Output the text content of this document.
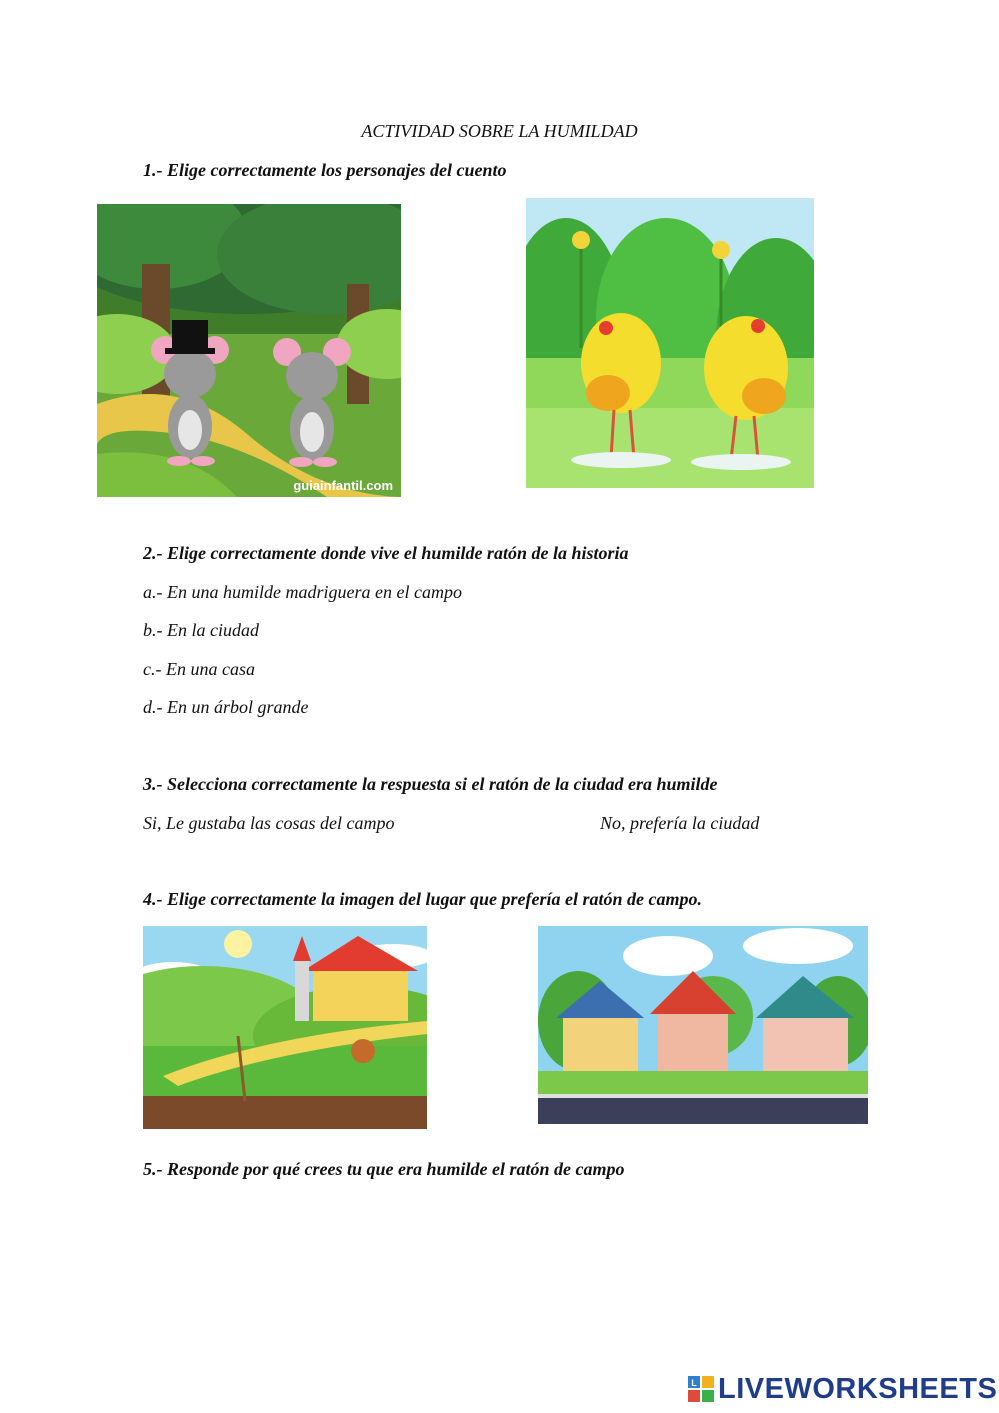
ACTIVIDAD SOBRE LA HUMILDAD
1.- Elige correctamente los personajes del cuento
guiainfantil.com
2.- Elige correctamente donde vive el humilde ratón de la historia
a.- En una humilde madriguera en el campo
b.- En la ciudad
c.- En una casa
d.- En un árbol grande
3.- Selecciona correctamente la respuesta si el ratón de la ciudad era humilde
Si, Le gustaba las cosas del campo	No, prefería la ciudad
4.- Elige correctamente la imagen del lugar que prefería el ratón de campo.
5.- Responde por qué crees tu que era humilde el ratón de campo
L LIVEWORKSHEETS
